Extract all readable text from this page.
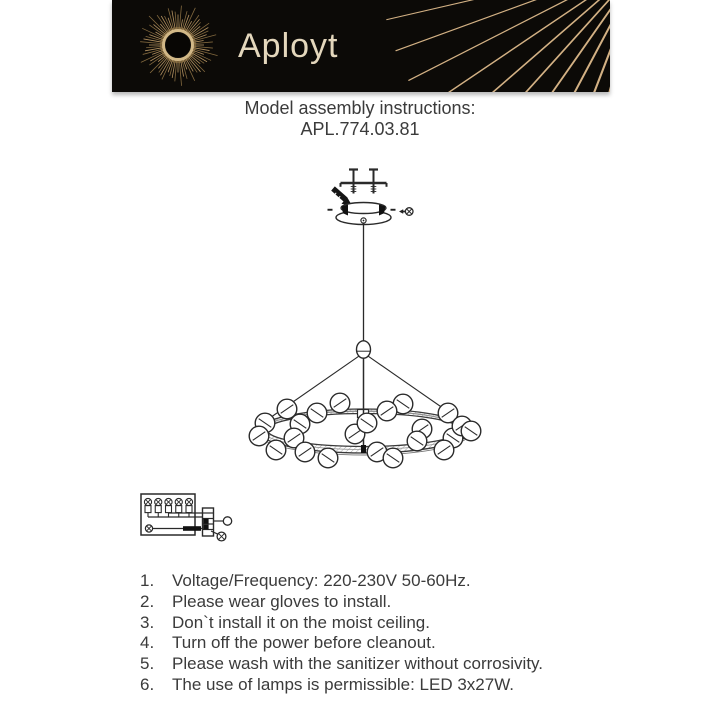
Aployt
Model assembly instructions:
APL.774.03.81
1.	Voltage/Frequency: 220-230V 50-60Hz.
2.	Please wear gloves to install.
3.	Don`t install it on the moist ceiling.
4.	Turn off the power before cleanout.
5.	Please wash with the sanitizer without corrosivity.
6.	The use of lamps is permissible: LED 3x27W.
